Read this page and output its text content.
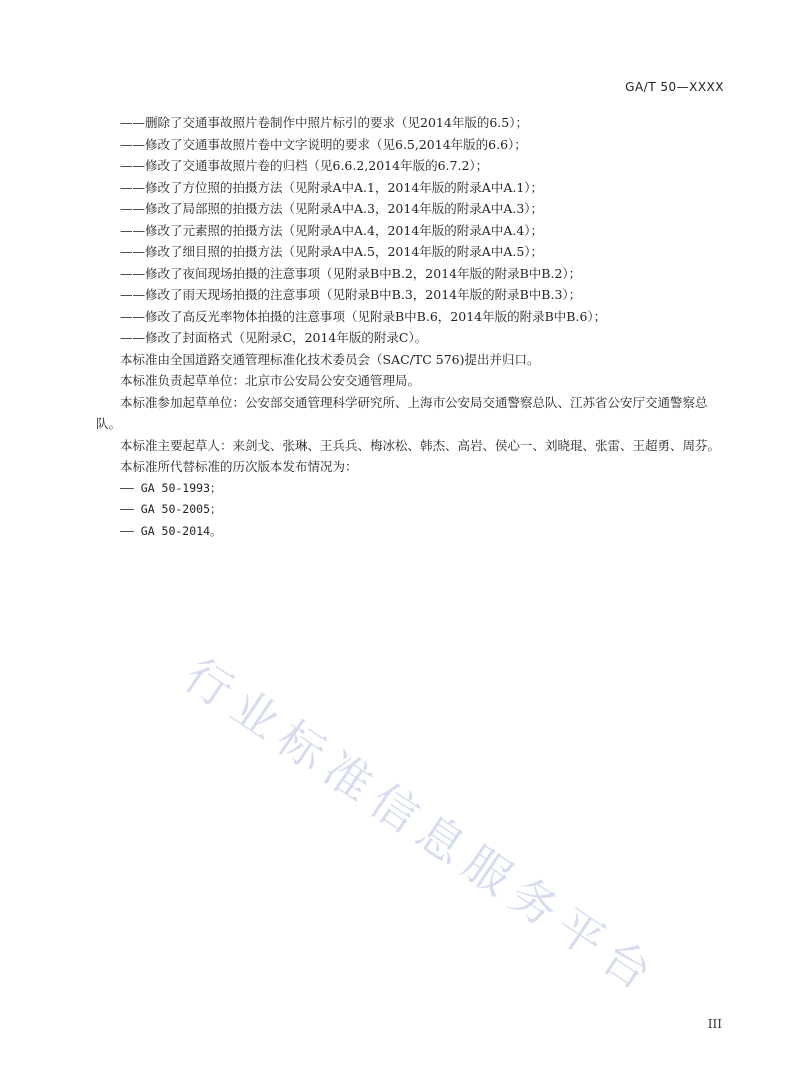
GA/T 50—XXXX
——删除了交通事故照片卷制作中照片标引的要求（见2014年版的6.5）；
——修改了交通事故照片卷中文字说明的要求（见6.5,2014年版的6.6）；
——修改了交通事故照片卷的归档（见6.6.2,2014年版的6.7.2）；
——修改了方位照的拍摄方法（见附录A中A.1，2014年版的附录A中A.1）；
——修改了局部照的拍摄方法（见附录A中A.3，2014年版的附录A中A.3）；
——修改了元素照的拍摄方法（见附录A中A.4，2014年版的附录A中A.4）；
——修改了细目照的拍摄方法（见附录A中A.5，2014年版的附录A中A.5）；
——修改了夜间现场拍摄的注意事项（见附录B中B.2，2014年版的附录B中B.2）；
——修改了雨天现场拍摄的注意事项（见附录B中B.3，2014年版的附录B中B.3）；
——修改了高反光率物体拍摄的注意事项（见附录B中B.6，2014年版的附录B中B.6）；
——修改了封面格式（见附录C，2014年版的附录C）。

本标准由全国道路交通管理标准化技术委员会（SAC/TC 576)提出并归口。

本标准负责起草单位：北京市公安局公安交通管理局。

本标准参加起草单位：公安部交通管理科学研究所、上海市公安局交通警察总队、江苏省公安厅交通警察总队。

本标准主要起草人：来剑戈、张琳、王兵兵、梅冰松、韩杰、高岩、侯心一、刘晓琨、张雷、王超勇、周芬。

本标准所代替标准的历次版本发布情况为：

—— GA 50-1993；
—— GA 50-2005；
—— GA 50-2014。
行业标准信息服务平台
III
